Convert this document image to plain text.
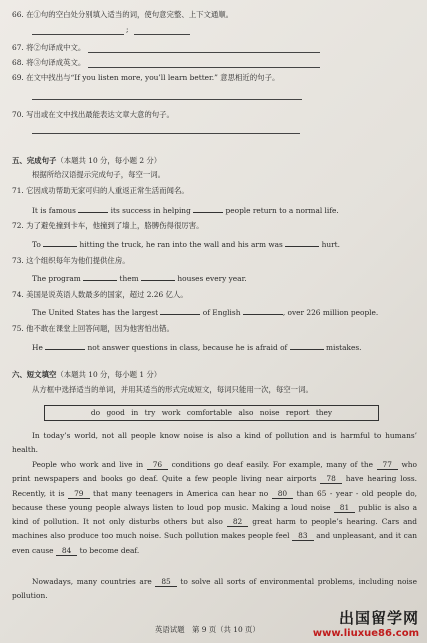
66. 在①句的空白处分别填入适当的词，使句意完整、上下文通顺。
;
67. 将②句译成中文。
68. 将③句译成英文。
69. 在文中找出与“If you listen more, you’ll learn better.” 意思相近的句子。
70. 写出或在文中找出最能表达文章大意的句子。
五、完成句子（本题共 10 分，每小题 2 分）
根据所给汉语提示完成句子，每空一词。
71. 它因成功帮助无家可归的人重返正常生活而闻名。
It is famous	its success in helping	people return to a normal life.
72. 为了避免撞到卡车，他撞到了墙上，胳膊伤得很厉害。
To	hitting the truck, he ran into the wall and his arm was	hurt.
73. 这个组织每年为他们提供住房。
The program	them	houses every year.
74. 美国是说英语人数最多的国家，超过 2.26 亿人。
The United States has the largest	of English	, over 226 million people.
75. 他不敢在课堂上回答问题，因为他害怕出错。
He	not answer questions in class, because he is afraid of	mistakes.
六、短文填空（本题共 10 分，每小题 1 分）
从方框中选择适当的单词，并用其适当的形式完成短文，每词只能用一次，每空一词。
do good in try work comfortable also noise report they
In today’s world, not all people know noise is also a kind of pollution and is harmful to humans’ health.
People who work and live in 76 conditions go deaf easily. For example, many of the 77 who print newspapers and books go deaf. Quite a few people living near airports 78 have hearing loss. Recently, it is 79 that many teenagers in America can hear no 80 than 65 - year - old people do, because these young people always listen to loud pop music. Making a loud noise 81 public is also a kind of pollution. It not only disturbs others but also 82 great harm to people’s hearing. Cars and machines also produce too much noise. Such pollution makes people feel 83 and unpleasant, and it can even cause 84 to become deaf.
Nowadays, many countries are 85 to solve all sorts of environmental problems, including noise pollution.
英语试题　第 9 页（共 10 页）
出国留学网
www.liuxue86.com
